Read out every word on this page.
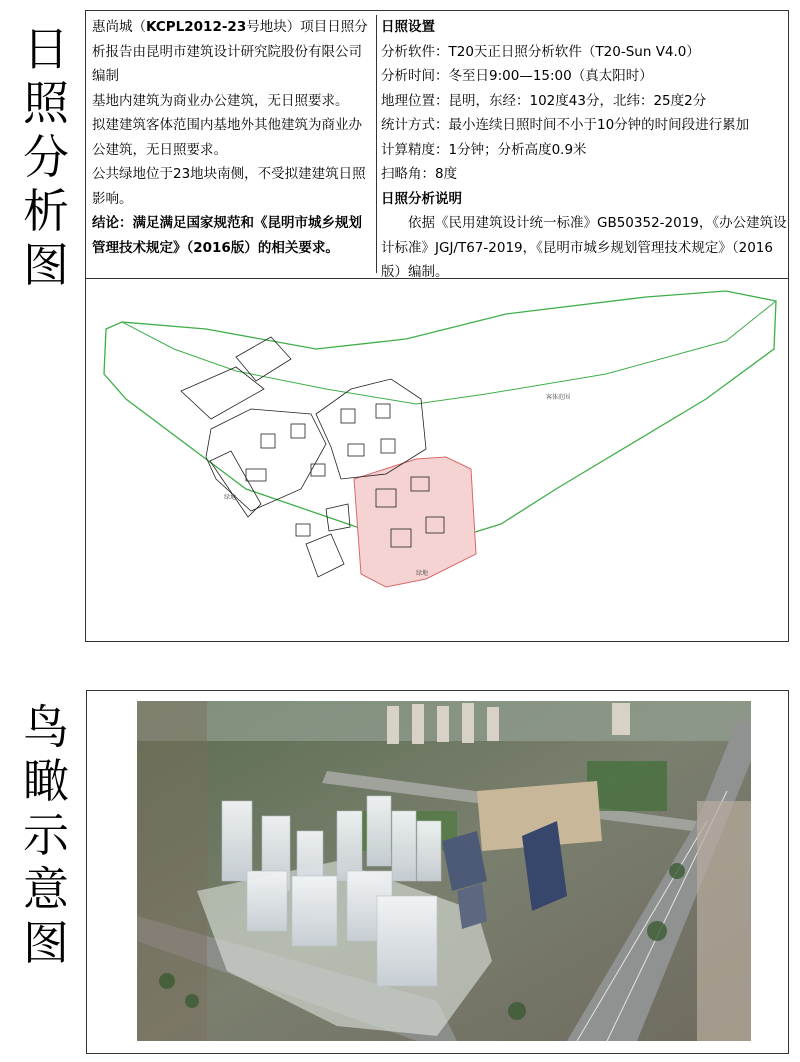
日
照
分
析
图
鸟
瞰
示
意
图

惠尚城（KCPL2012-23号地块）项目日照分析报告由昆明市建筑设计研究院股份有限公司编制

基地内建筑为商业办公建筑，无日照要求。

拟建建筑客体范围内基地外其他建筑为商业办公建筑，无日照要求。

公共绿地位于23地块南侧，不受拟建建筑日照影响。

结论：满足满足国家规范和《昆明市城乡规划管理技术规定》（2016版）的相关要求。

日照设置

分析软件：T20天正日照分析软件（T20-Sun V4.0）

分析时间：冬至日9:00—15:00（真太阳时）

地理位置：昆明，东经：102度43分，北纬：25度2分

统计方式：最小连续日照时间不小于10分钟的时间段进行累加

计算精度：1分钟；分析高度0.9米

扫略角：8度

日照分析说明

依据《民用建筑设计统一标准》GB50352-2019，《办公建筑设计标准》JGJ/T67-2019，《昆明市城乡规划管理技术规定》（2016版）编制。

客体范围
绿地
绿地
